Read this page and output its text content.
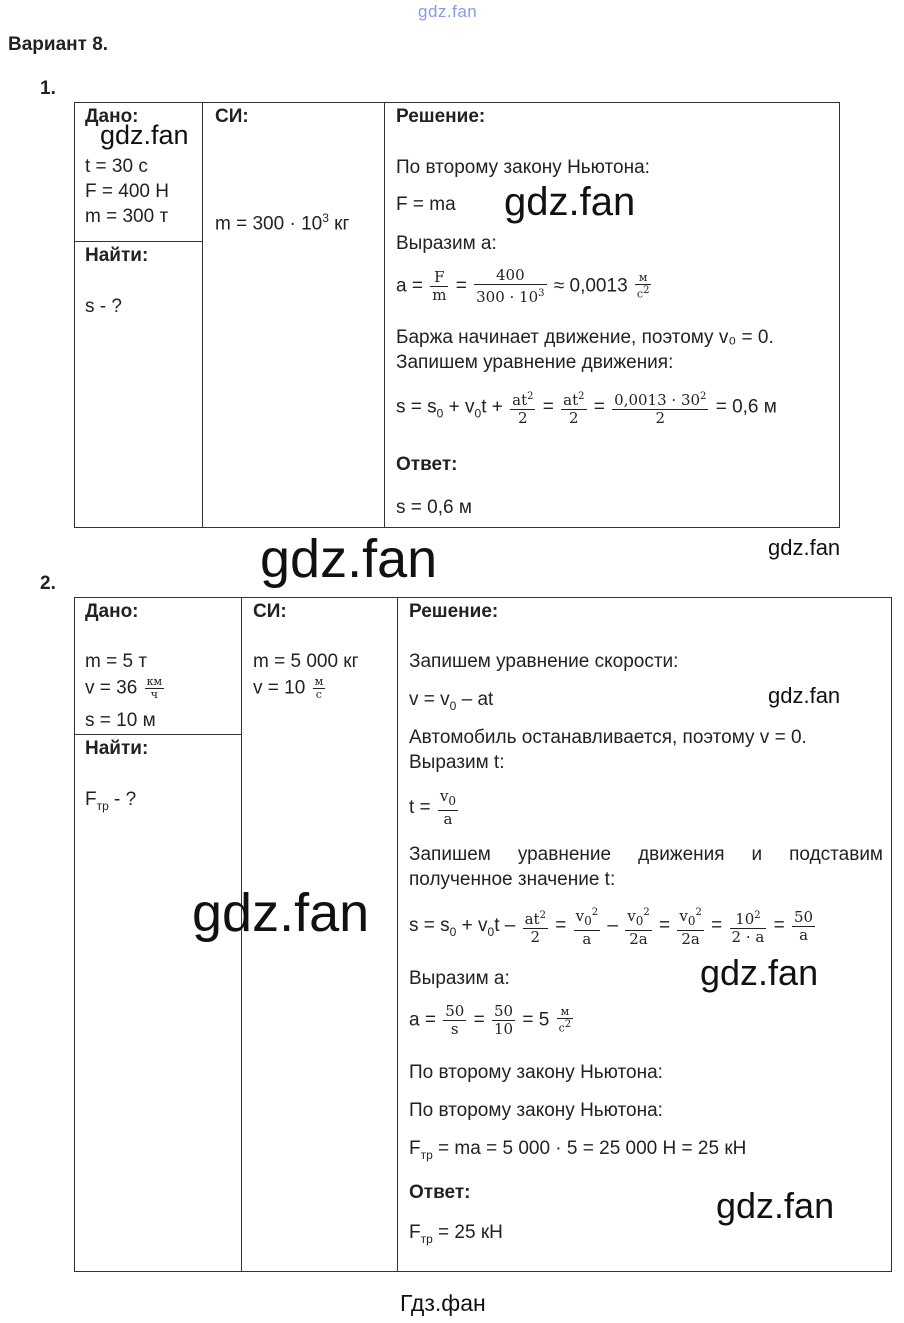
gdz.fan
Вариант 8.
1.
Дано:
t = 30 с
F = 400 Н
m = 300 т
Найти:
s - ?
СИ:
$m = 300 \cdot 10^3$ кг
Решение:
По второму закону Ньютона:
F = ma
Выразим a:
$a = \frac{F}{m} = \frac{400}{300 \cdot 10^3} \approx 0,0013 \frac{м}{с^2}$
Баржа начинает движение, поэтому v₀ = 0.
Запишем уравнение движения:
$s = s_0 + v_0t + \frac{at^2}{2} = \frac{at^2}{2} = \frac{0,0013 \cdot 30^2}{2} = 0,6$ м
Ответ:
s = 0,6 м
gdz.fan
gdz.fan
gdz.fan	gdz.fan
2.
Дано:
m = 5 т
$v = 36 \frac{км}{ч}$
s = 10 м
Найти:
$F_{тр}$ - ?
СИ:
m = 5 000 кг
$v = 10 \frac{м}{с}$
Решение:
Запишем уравнение скорости:
$v = v_0$ – at
Автомобиль останавливается, поэтому v = 0.
Выразим t:
$t = \frac{v_0}{a}$
Запишем уравнение движения и подставим
полученное значение t:
$s = s_0 + v_0t - \frac{at^2}{2} = \frac{v_0^2}{a} - \frac{v_0^2}{2a} = \frac{v_0^2}{2a} = \frac{10^2}{2 \cdot a} = \frac{50}{a}$
Выразим a:
$a = \frac{50}{s} = \frac{50}{10} = 5 \frac{м}{с^2}$
По второму закону Ньютона:
По второму закону Ньютона:
$F_{тр}$ = ma = 5 000 · 5 = 25 000 Н = 25 кН
Ответ:
$F_{тр} = 25$ кН
gdz.fan
gdz.fan
gdz.fan
gdz.fan
Гдз.фан
